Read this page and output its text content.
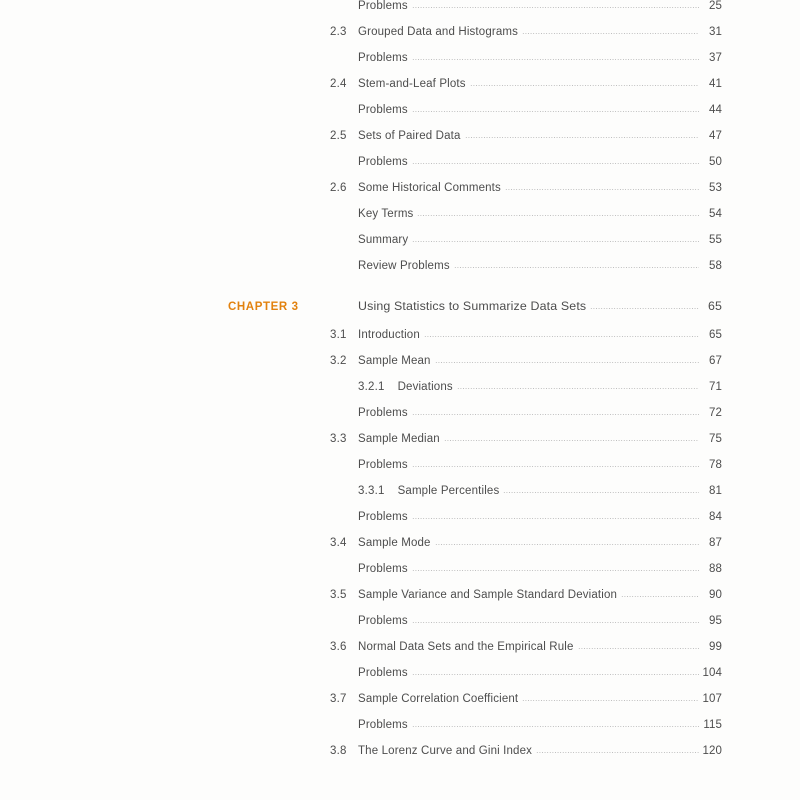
Problems	25
2.3 Grouped Data and Histograms	31
Problems	37
2.4 Stem-and-Leaf Plots	41
Problems	44
2.5 Sets of Paired Data	47
Problems	50
2.6 Some Historical Comments	53
Key Terms	54
Summary	55
Review Problems	58
CHAPTER 3	Using Statistics to Summarize Data Sets	65
3.1 Introduction	65
3.2 Sample Mean	67
3.2.1	Deviations	71
Problems	72
3.3 Sample Median	75
Problems	78
3.3.1	Sample Percentiles	81
Problems	84
3.4 Sample Mode	87
Problems	88
3.5 Sample Variance and Sample Standard Deviation	90
Problems	95
3.6 Normal Data Sets and the Empirical Rule	99
Problems	104
3.7 Sample Correlation Coefficient	107
Problems	115
3.8 The Lorenz Curve and Gini Index	120
